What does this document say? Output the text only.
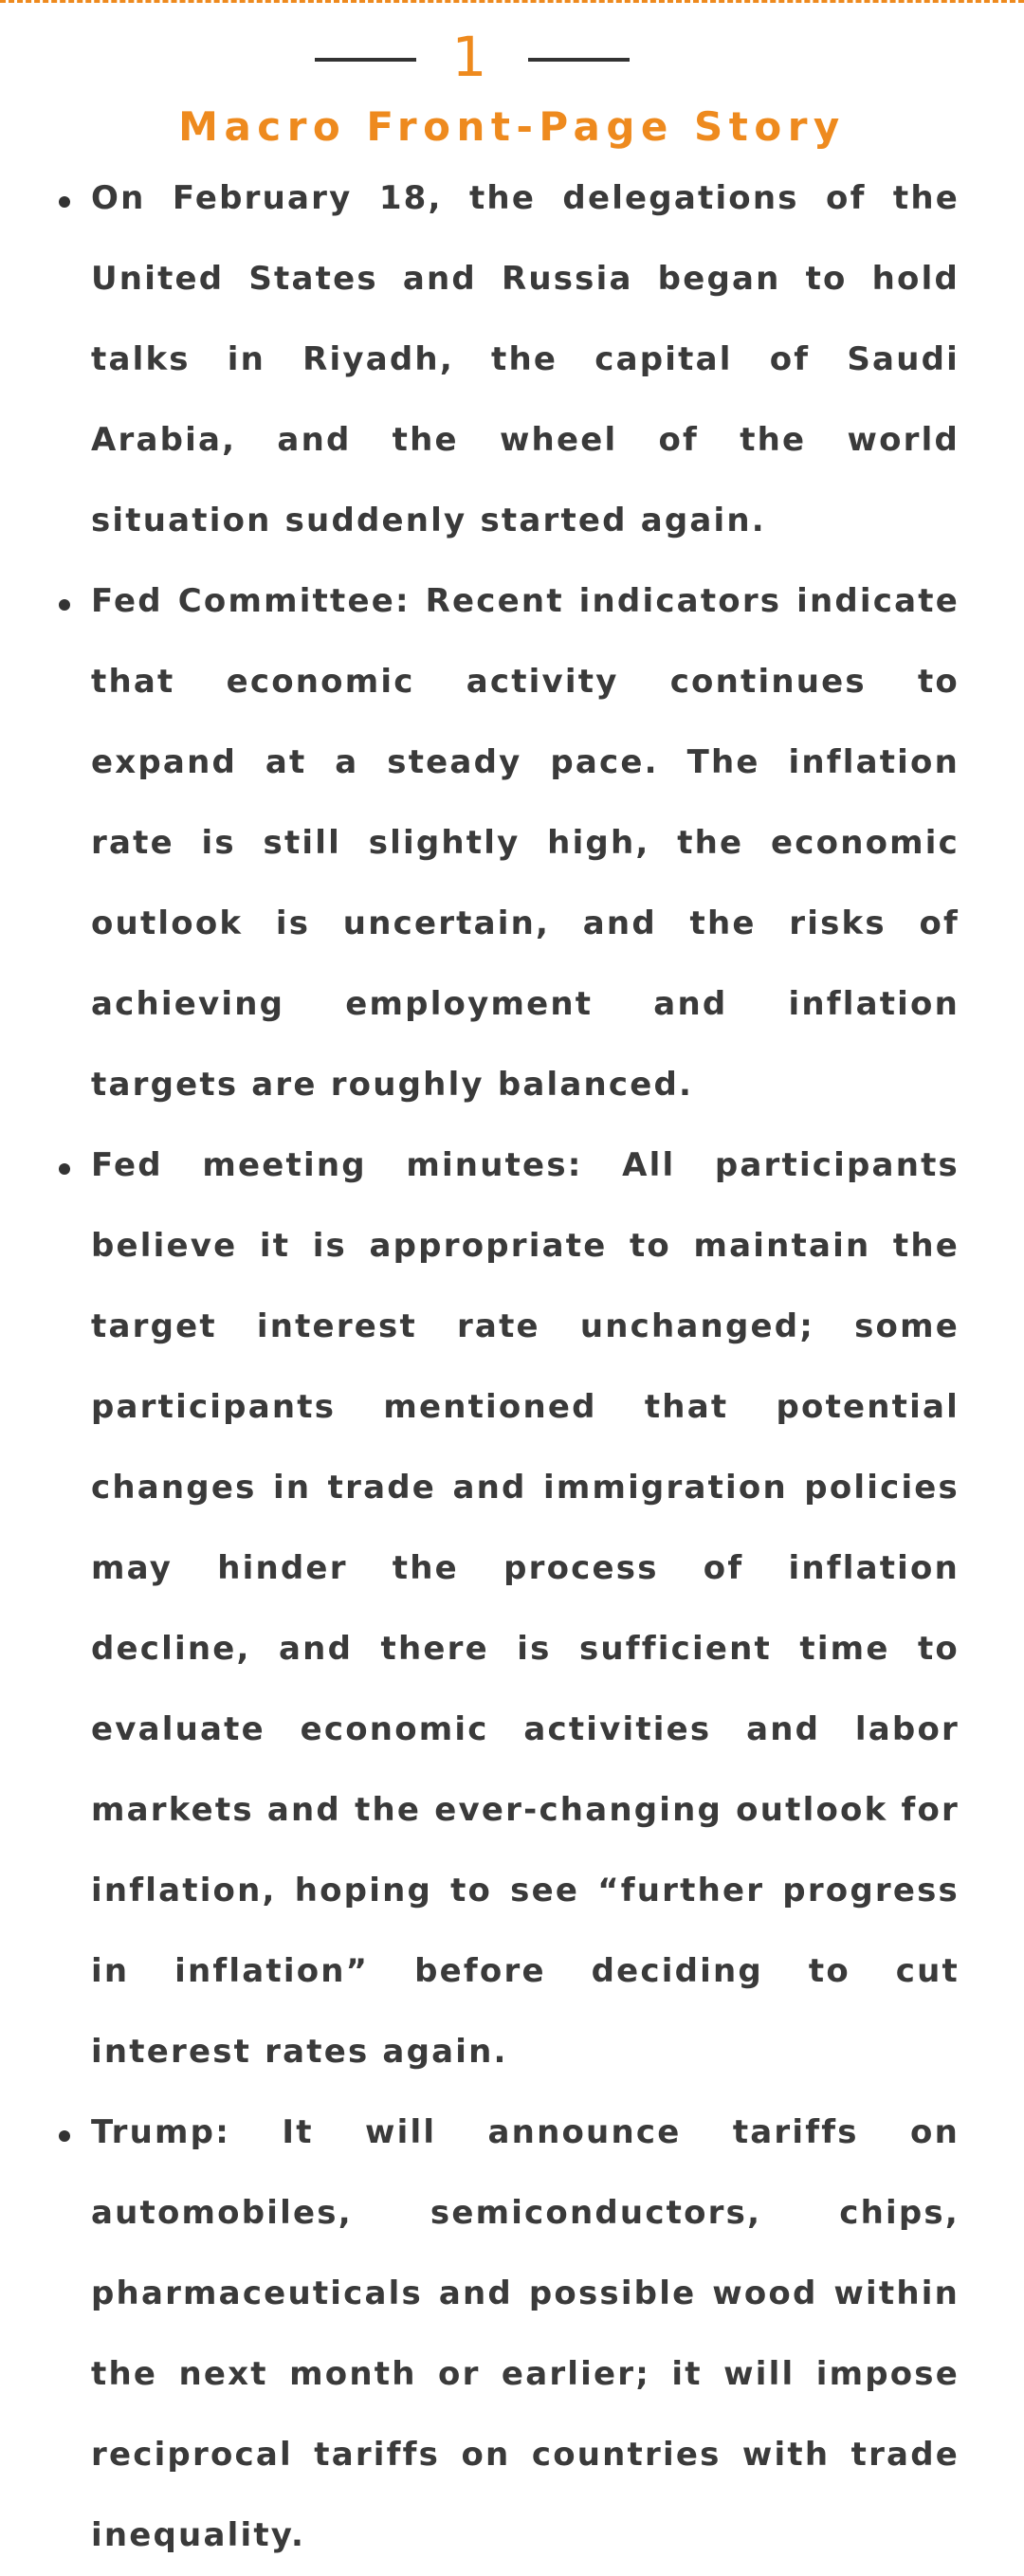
1
Macro Front-Page Story
On February 18, the delegations of the United States and Russia began to hold talks in Riyadh, the capital of Saudi Arabia, and the wheel of the world situation suddenly started again.
Fed Committee: Recent indicators indicate that economic activity continues to expand at a steady pace. The inflation rate is still slightly high, the economic outlook is uncertain, and the risks of achieving employment and inflation targets are roughly balanced.
Fed meeting minutes: All participants believe it is appropriate to maintain the target interest rate unchanged; some participants mentioned that potential changes in trade and immigration policies may hinder the process of inflation decline, and there is sufficient time to evaluate economic activities and labor markets and the ever-changing outlook for inflation, hoping to see “further progress in inflation” before deciding to cut interest rates again.
Trump: It will announce tariffs on automobiles, semiconductors, chips, pharmaceuticals and possible wood within the next month or earlier; it will impose reciprocal tariffs on countries with trade inequality.
